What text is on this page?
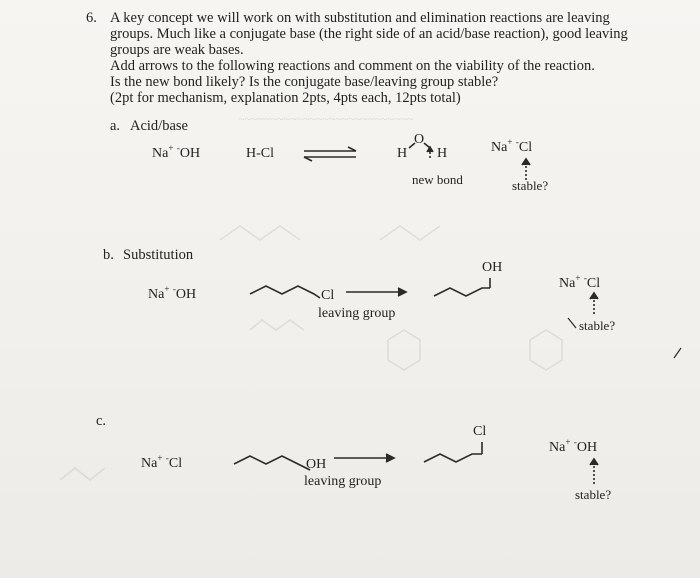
~~~~~~~~~~~~~~~~~~~~~~~~~~~
6. A key concept we will work on with substitution and elimination reactions are leaving
groups. Much like a conjugate base (the right side of an acid/base reaction), good leaving
groups are weak bases.
Add arrows to the following reactions and comment on the viability of the reaction.
Is the new bond likely? Is the conjugate base/leaving group stable?
(2pt for mechanism, explanation 2pts, 4pts each, 12pts total)
a. Acid/base
Na+ -OH	H-Cl	H
O
H
new bond
Na+ -Cl
stable?
b. Substitution
Na+ -OH	Cl
leaving group
OH
Na+ -Cl
stable?
c.
Na+ -Cl	OH
leaving group
Cl
Na+ -OH
stable?
